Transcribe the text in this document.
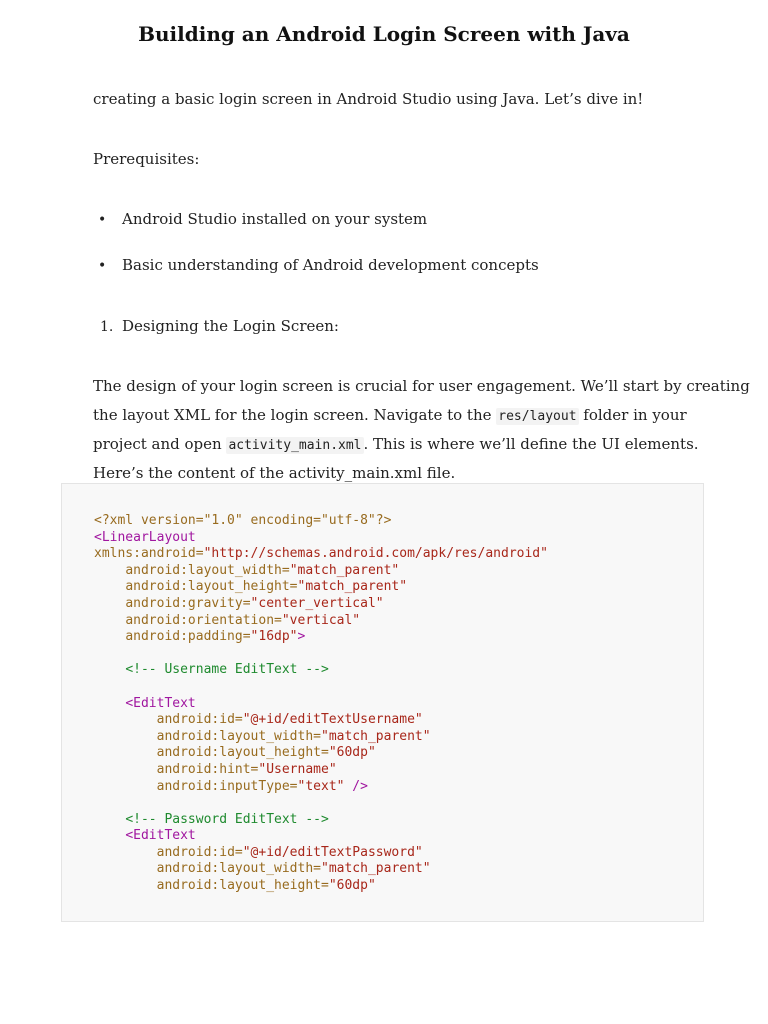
Building an Android Login Screen with Java

creating a basic login screen in Android Studio using Java. Let’s dive in!

Prerequisites:

• Android Studio installed on your system
• Basic understanding of Android development concepts
1. Designing the Login Screen:

The design of your login screen is crucial for user engagement. We’ll start by creating

the layout XML for the login screen. Navigate to the res/layout folder in your

project and open activity_main.xml . This is where we’ll define the UI elements.

Here’s the content of the activity_main.xml file.

<?xml version="1.0" encoding="utf-8"?>
<LinearLayout
xmlns:android="http://schemas.android.com/apk/res/android"
android:layout_width="match_parent"
android:layout_height="match_parent"
android:gravity="center_vertical"
android:orientation="vertical"
android:padding="16dp">

<!-- Username EditText -->

<EditText
android:id="@+id/editTextUsername"
android:layout_width="match_parent"
android:layout_height="60dp"
android:hint="Username"
android:inputType="text" />

<!-- Password EditText -->
<EditText
android:id="@+id/editTextPassword"
android:layout_width="match_parent"
android:layout_height="60dp"
